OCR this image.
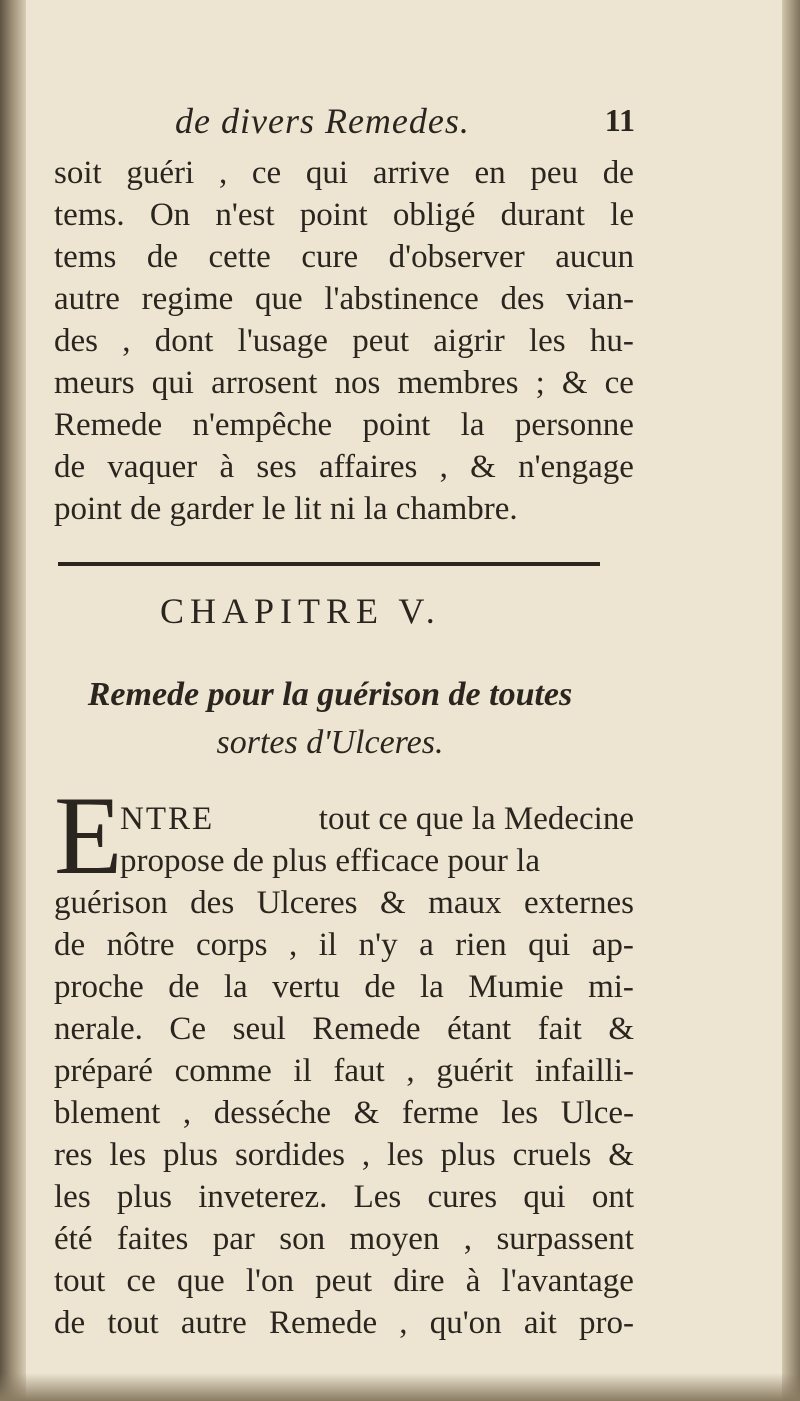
de divers Remedes.	11
soit guéri , ce qui arrive en peu de
tems. On n'est point obligé durant le
tems de cette cure d'observer aucun
autre regime que l'abstinence des vian-
des , dont l'usage peut aigrir les hu-
meurs qui arrosent nos membres ; & ce
Remede n'empêche point la personne
de vaquer à ses affaires , & n'engage
point de garder le lit ni la chambre.
CHAPITRE V.
Remede pour la guérison de toutes
sortes d'Ulceres.
E
NTRE	tout ce que la Medecine
propose de plus efficace pour la
guérison des Ulceres & maux externes
de nôtre corps , il n'y a rien qui ap-
proche de la vertu de la Mumie mi-
nerale. Ce seul Remede étant fait &
préparé comme il faut , guérit infailli-
blement , desséche & ferme les Ulce-
res les plus sordides , les plus cruels &
les plus inveterez. Les cures qui ont
été faites par son moyen , surpassent
tout ce que l'on peut dire à l'avantage
de tout autre Remede , qu'on ait pro-
